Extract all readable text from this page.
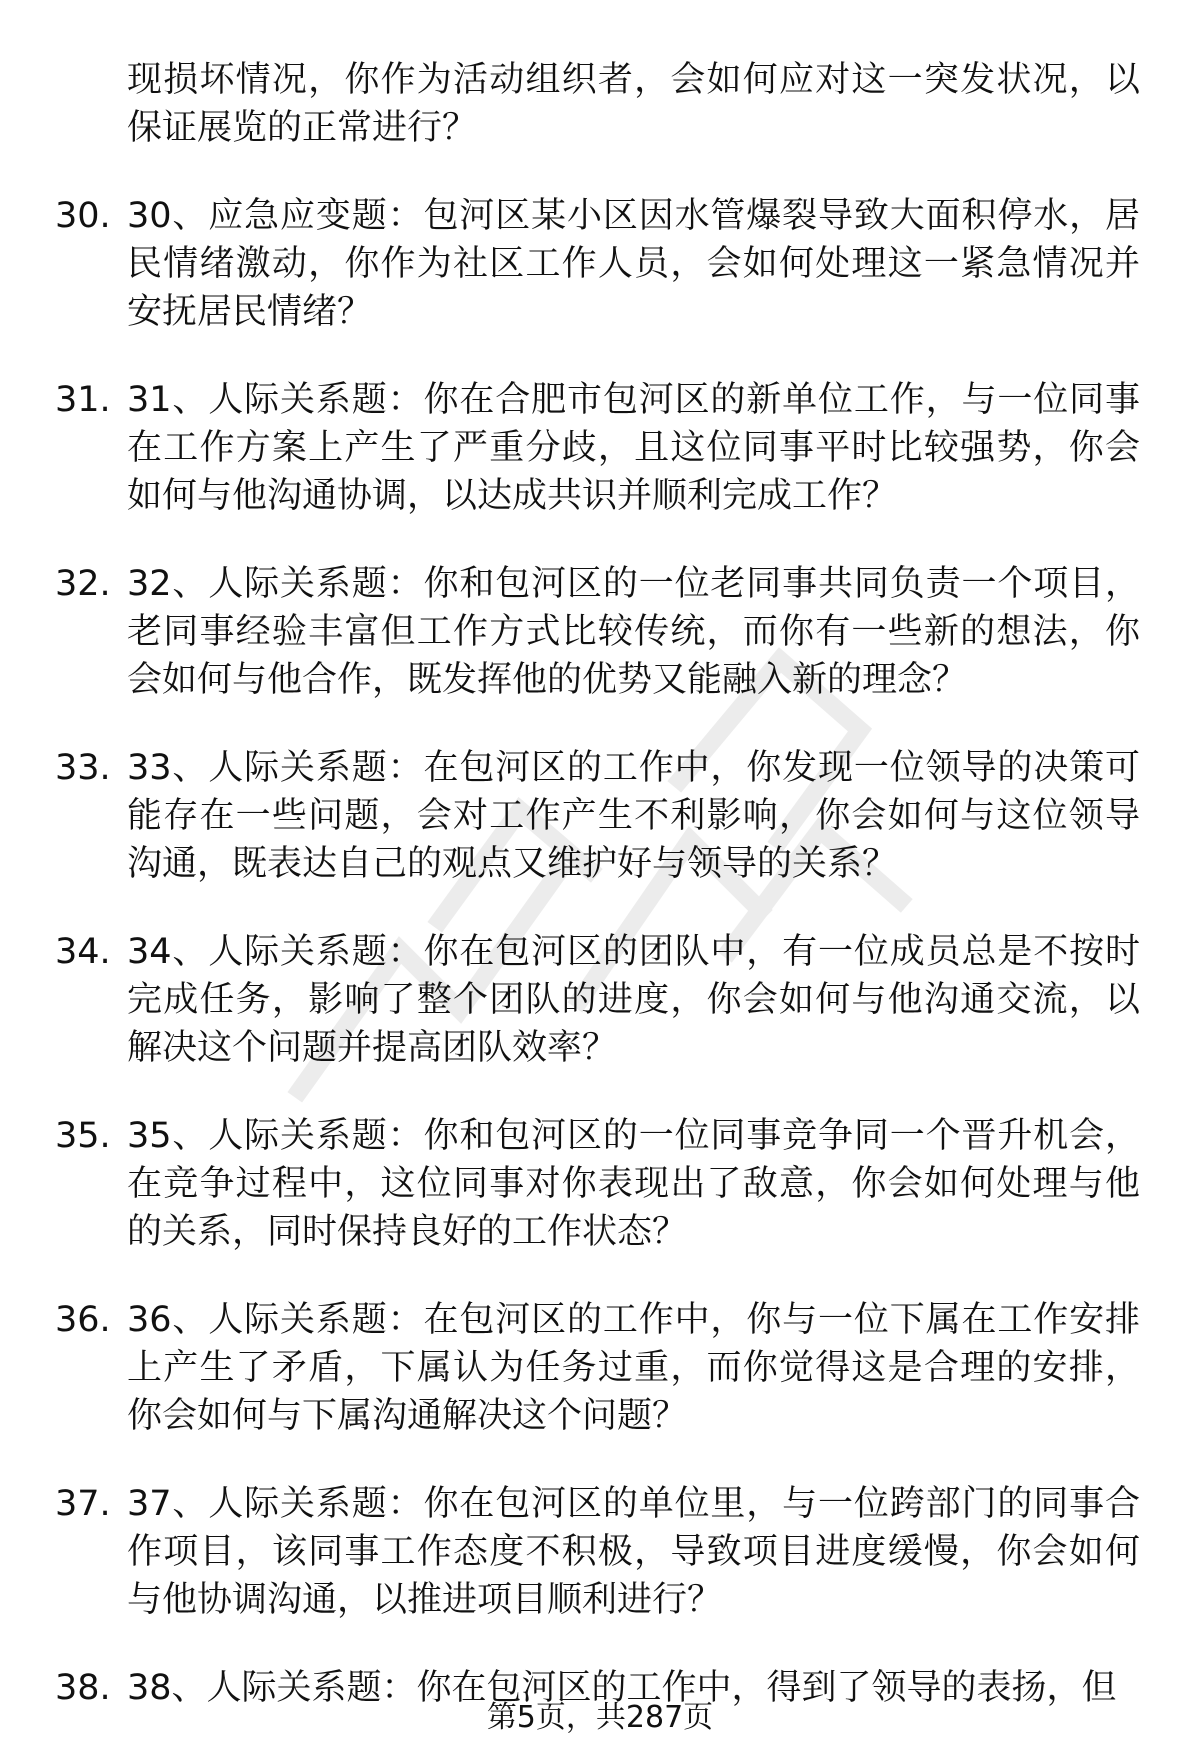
现损坏情况，你作为活动组织者，会如何应对这一突发状况，以保证展览的正常进行？

30. 30、应急应变题：包河区某小区因水管爆裂导致大面积停水，居民情绪激动，你作为社区工作人员，会如何处理这一紧急情况并安抚居民情绪？
31. 31、人际关系题：你在合肥市包河区的新单位工作，与一位同事在工作方案上产生了严重分歧，且这位同事平时比较强势，你会如何与他沟通协调，以达成共识并顺利完成工作？
32. 32、人际关系题：你和包河区的一位老同事共同负责一个项目，老同事经验丰富但工作方式比较传统，而你有一些新的想法，你会如何与他合作，既发挥他的优势又能融入新的理念？
33. 33、人际关系题：在包河区的工作中，你发现一位领导的决策可能存在一些问题，会对工作产生不利影响，你会如何与这位领导沟通，既表达自己的观点又维护好与领导的关系？
34. 34、人际关系题：你在包河区的团队中，有一位成员总是不按时完成任务，影响了整个团队的进度，你会如何与他沟通交流，以解决这个问题并提高团队效率？
35. 35、人际关系题：你和包河区的一位同事竞争同一个晋升机会，在竞争过程中，这位同事对你表现出了敌意，你会如何处理与他的关系，同时保持良好的工作状态？
36. 36、人际关系题：在包河区的工作中，你与一位下属在工作安排上产生了矛盾，下属认为任务过重，而你觉得这是合理的安排，你会如何与下属沟通解决这个问题？
37. 37、人际关系题：你在包河区的单位里，与一位跨部门的同事合作项目，该同事工作态度不积极，导致项目进度缓慢，你会如何与他协调沟通，以推进项目顺利进行？
38. 38、人际关系题：你在包河区的工作中，得到了领导的表扬，但
第5页，共287页
